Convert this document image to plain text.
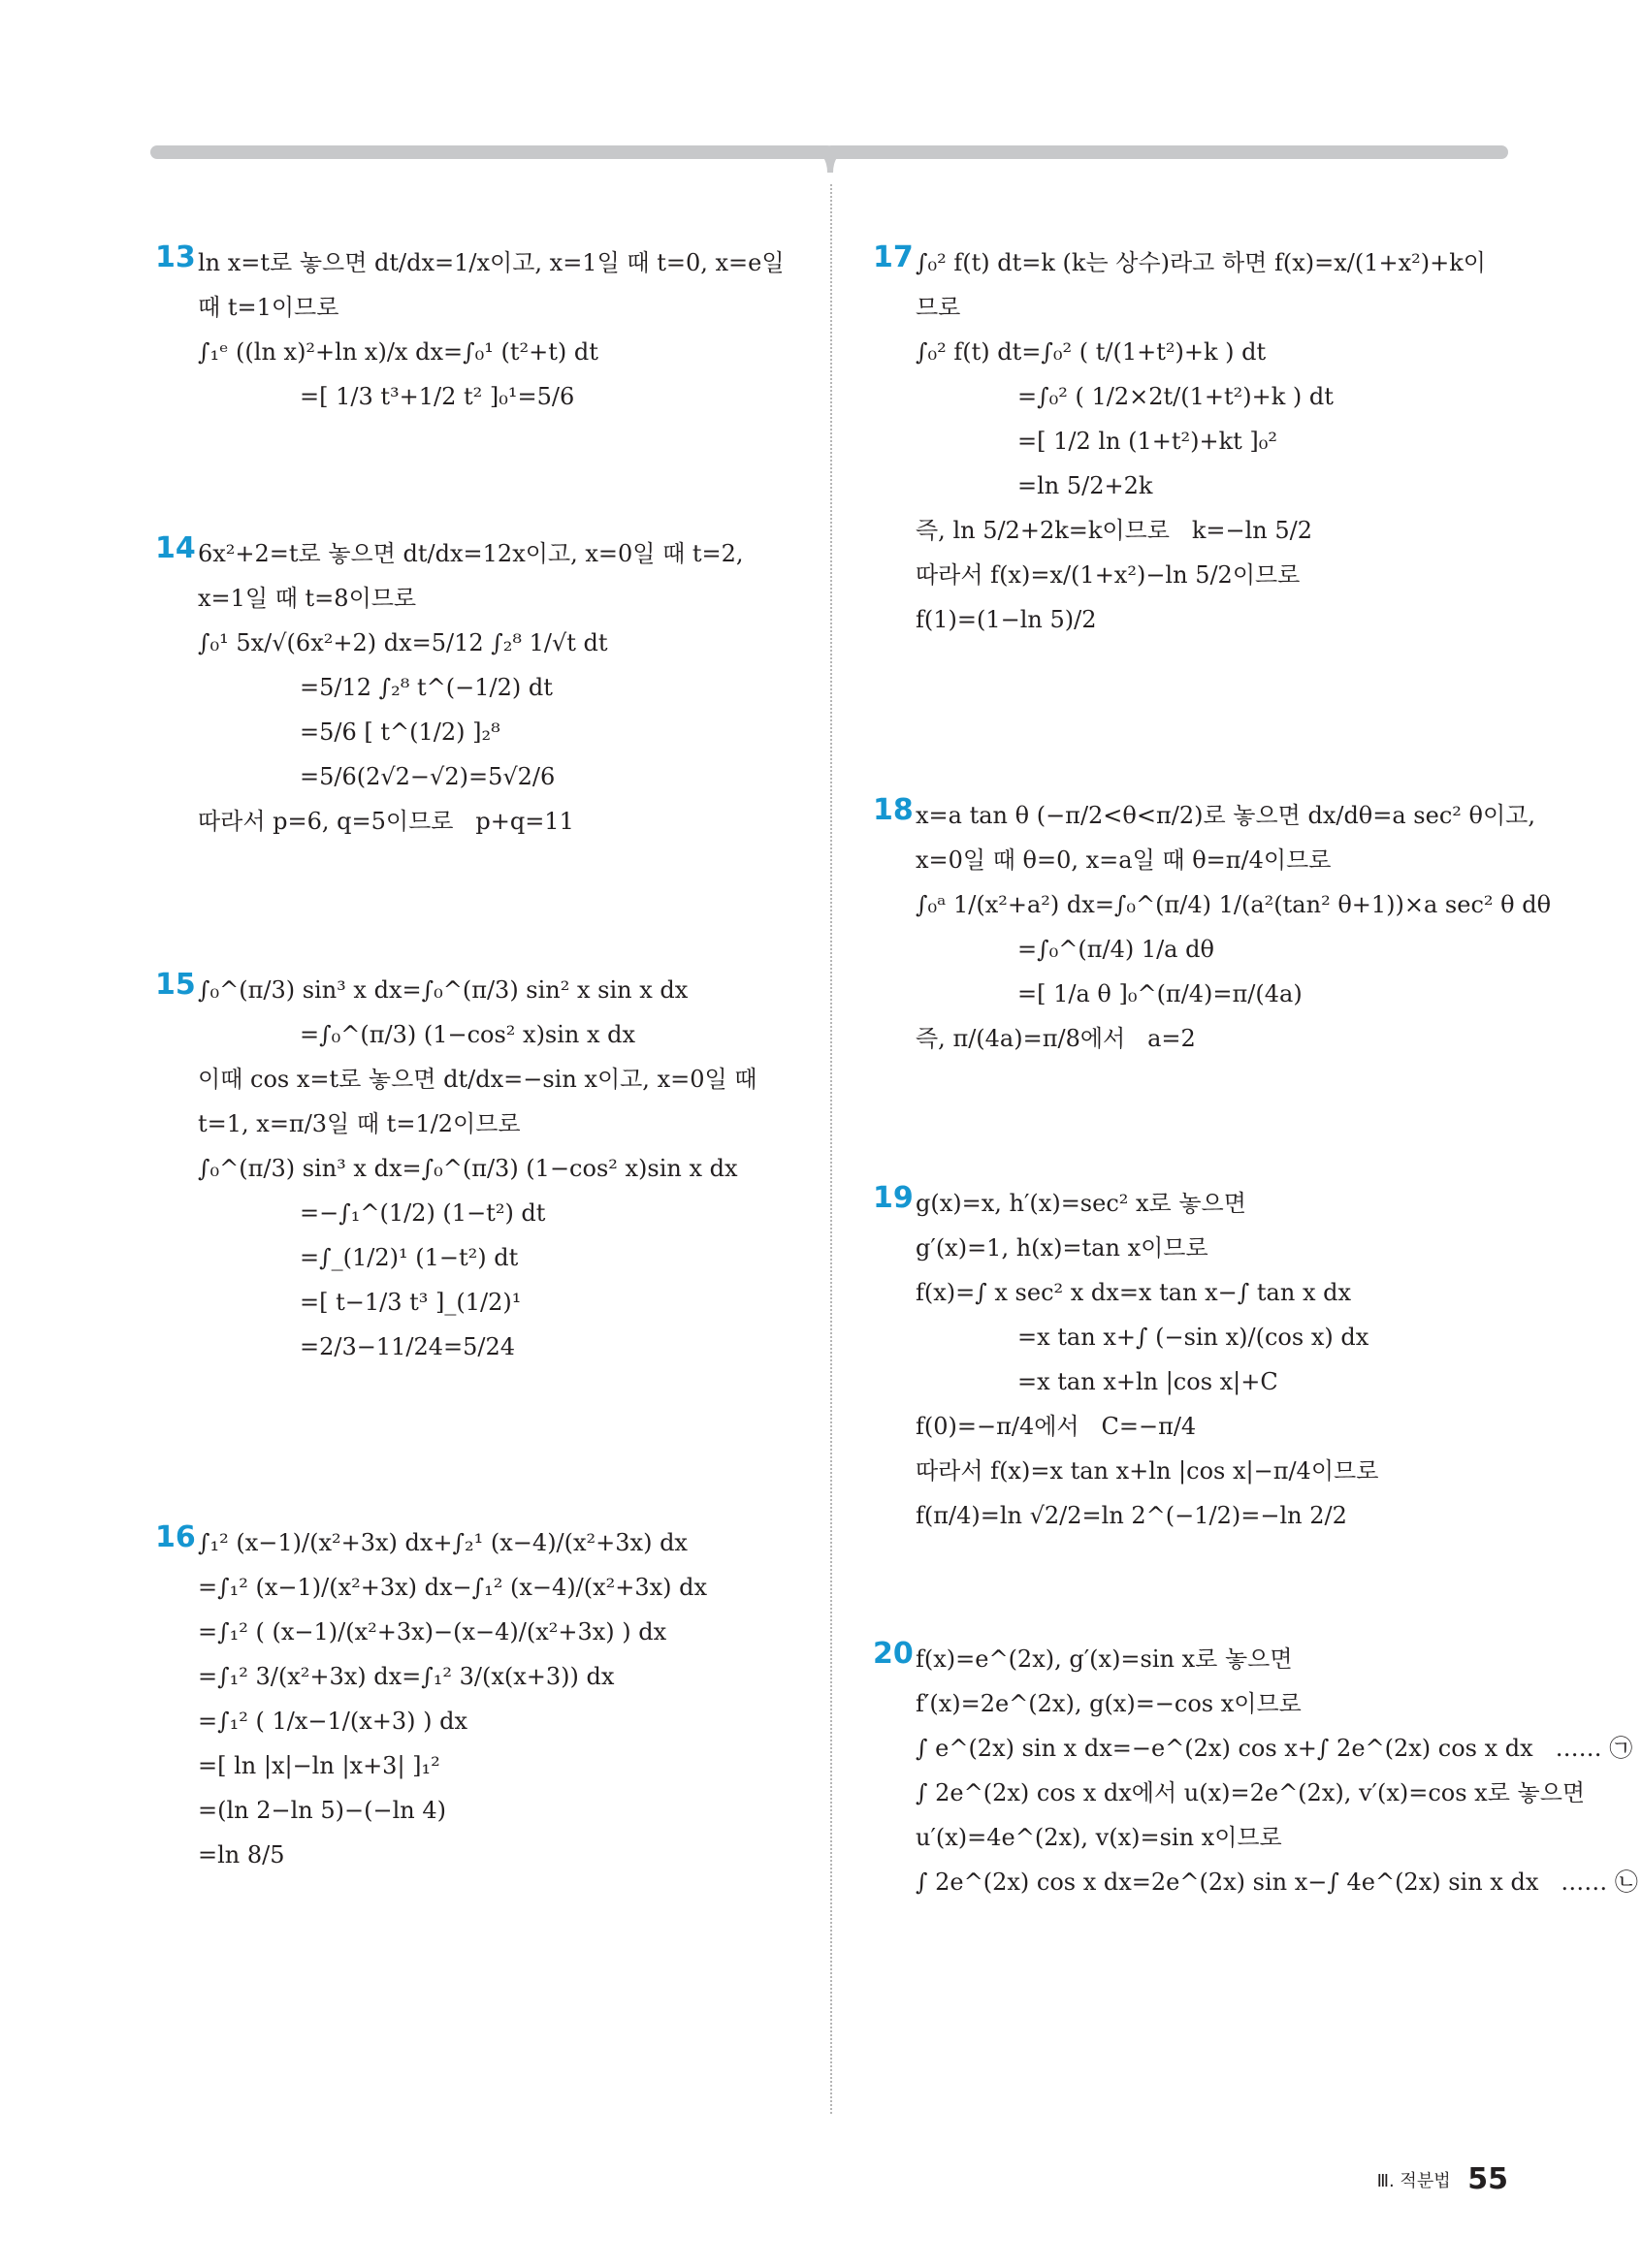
13 ln x=t로 놓으면 dt/dx=1/x이고, x=1일 때 t=0, x=e일
때 t=1이므로
∫₁ᵉ ((ln x)²+ln x)/x dx=∫₀¹ (t²+t) dt
=[ 1/3 t³+1/2 t² ]₀¹=5/6
14 6x²+2=t로 놓으면 dt/dx=12x이고, x=0일 때 t=2,
x=1일 때 t=8이므로
∫₀¹ 5x/√(6x²+2) dx=5/12 ∫₂⁸ 1/√t dt
=5/12 ∫₂⁸ t^(−1/2) dt
=5/6 [ t^(1/2) ]₂⁸
=5/6(2√2−√2)=5√2/6
따라서 p=6, q=5이므로   p+q=11
15 ∫₀^(π/3) sin³ x dx=∫₀^(π/3) sin² x sin x dx
=∫₀^(π/3) (1−cos² x)sin x dx
이때 cos x=t로 놓으면 dt/dx=−sin x이고, x=0일 때
t=1, x=π/3일 때 t=1/2이므로
∫₀^(π/3) sin³ x dx=∫₀^(π/3) (1−cos² x)sin x dx
=−∫₁^(1/2) (1−t²) dt
=∫_(1/2)¹ (1−t²) dt
=[ t−1/3 t³ ]_(1/2)¹
=2/3−11/24=5/24
16 ∫₁² (x−1)/(x²+3x) dx+∫₂¹ (x−4)/(x²+3x) dx
=∫₁² (x−1)/(x²+3x) dx−∫₁² (x−4)/(x²+3x) dx
=∫₁² ( (x−1)/(x²+3x)−(x−4)/(x²+3x) ) dx
=∫₁² 3/(x²+3x) dx=∫₁² 3/(x(x+3)) dx
=∫₁² ( 1/x−1/(x+3) ) dx
=[ ln |x|−ln |x+3| ]₁²
=(ln 2−ln 5)−(−ln 4)
=ln 8/5
17 ∫₀² f(t) dt=k (k는 상수)라고 하면 f(x)=x/(1+x²)+k이
므로
∫₀² f(t) dt=∫₀² ( t/(1+t²)+k ) dt
=∫₀² ( 1/2×2t/(1+t²)+k ) dt
=[ 1/2 ln (1+t²)+kt ]₀²
=ln 5/2+2k
즉, ln 5/2+2k=k이므로   k=−ln 5/2
따라서 f(x)=x/(1+x²)−ln 5/2이므로
f(1)=(1−ln 5)/2
18 x=a tan θ (−π/2<θ<π/2)로 놓으면 dx/dθ=a sec² θ이고,
x=0일 때 θ=0, x=a일 때 θ=π/4이므로
∫₀ᵃ 1/(x²+a²) dx=∫₀^(π/4) 1/(a²(tan² θ+1))×a sec² θ dθ
=∫₀^(π/4) 1/a dθ
=[ 1/a θ ]₀^(π/4)=π/(4a)
즉, π/(4a)=π/8에서   a=2
19 g(x)=x, h′(x)=sec² x로 놓으면
g′(x)=1, h(x)=tan x이므로
f(x)=∫ x sec² x dx=x tan x−∫ tan x dx
=x tan x+∫ (−sin x)/(cos x) dx
=x tan x+ln |cos x|+C
f(0)=−π/4에서   C=−π/4
따라서 f(x)=x tan x+ln |cos x|−π/4이므로
f(π/4)=ln √2/2=ln 2^(−1/2)=−ln 2/2
20 f(x)=e^(2x), g′(x)=sin x로 놓으면
f′(x)=2e^(2x), g(x)=−cos x이므로
∫ e^(2x) sin x dx=−e^(2x) cos x+∫ 2e^(2x) cos x dx   …… ㉠
∫ 2e^(2x) cos x dx에서 u(x)=2e^(2x), v′(x)=cos x로 놓으면
u′(x)=4e^(2x), v(x)=sin x이므로
∫ 2e^(2x) cos x dx=2e^(2x) sin x−∫ 4e^(2x) sin x dx   …… ㉡
Ⅲ. 적분법 55
